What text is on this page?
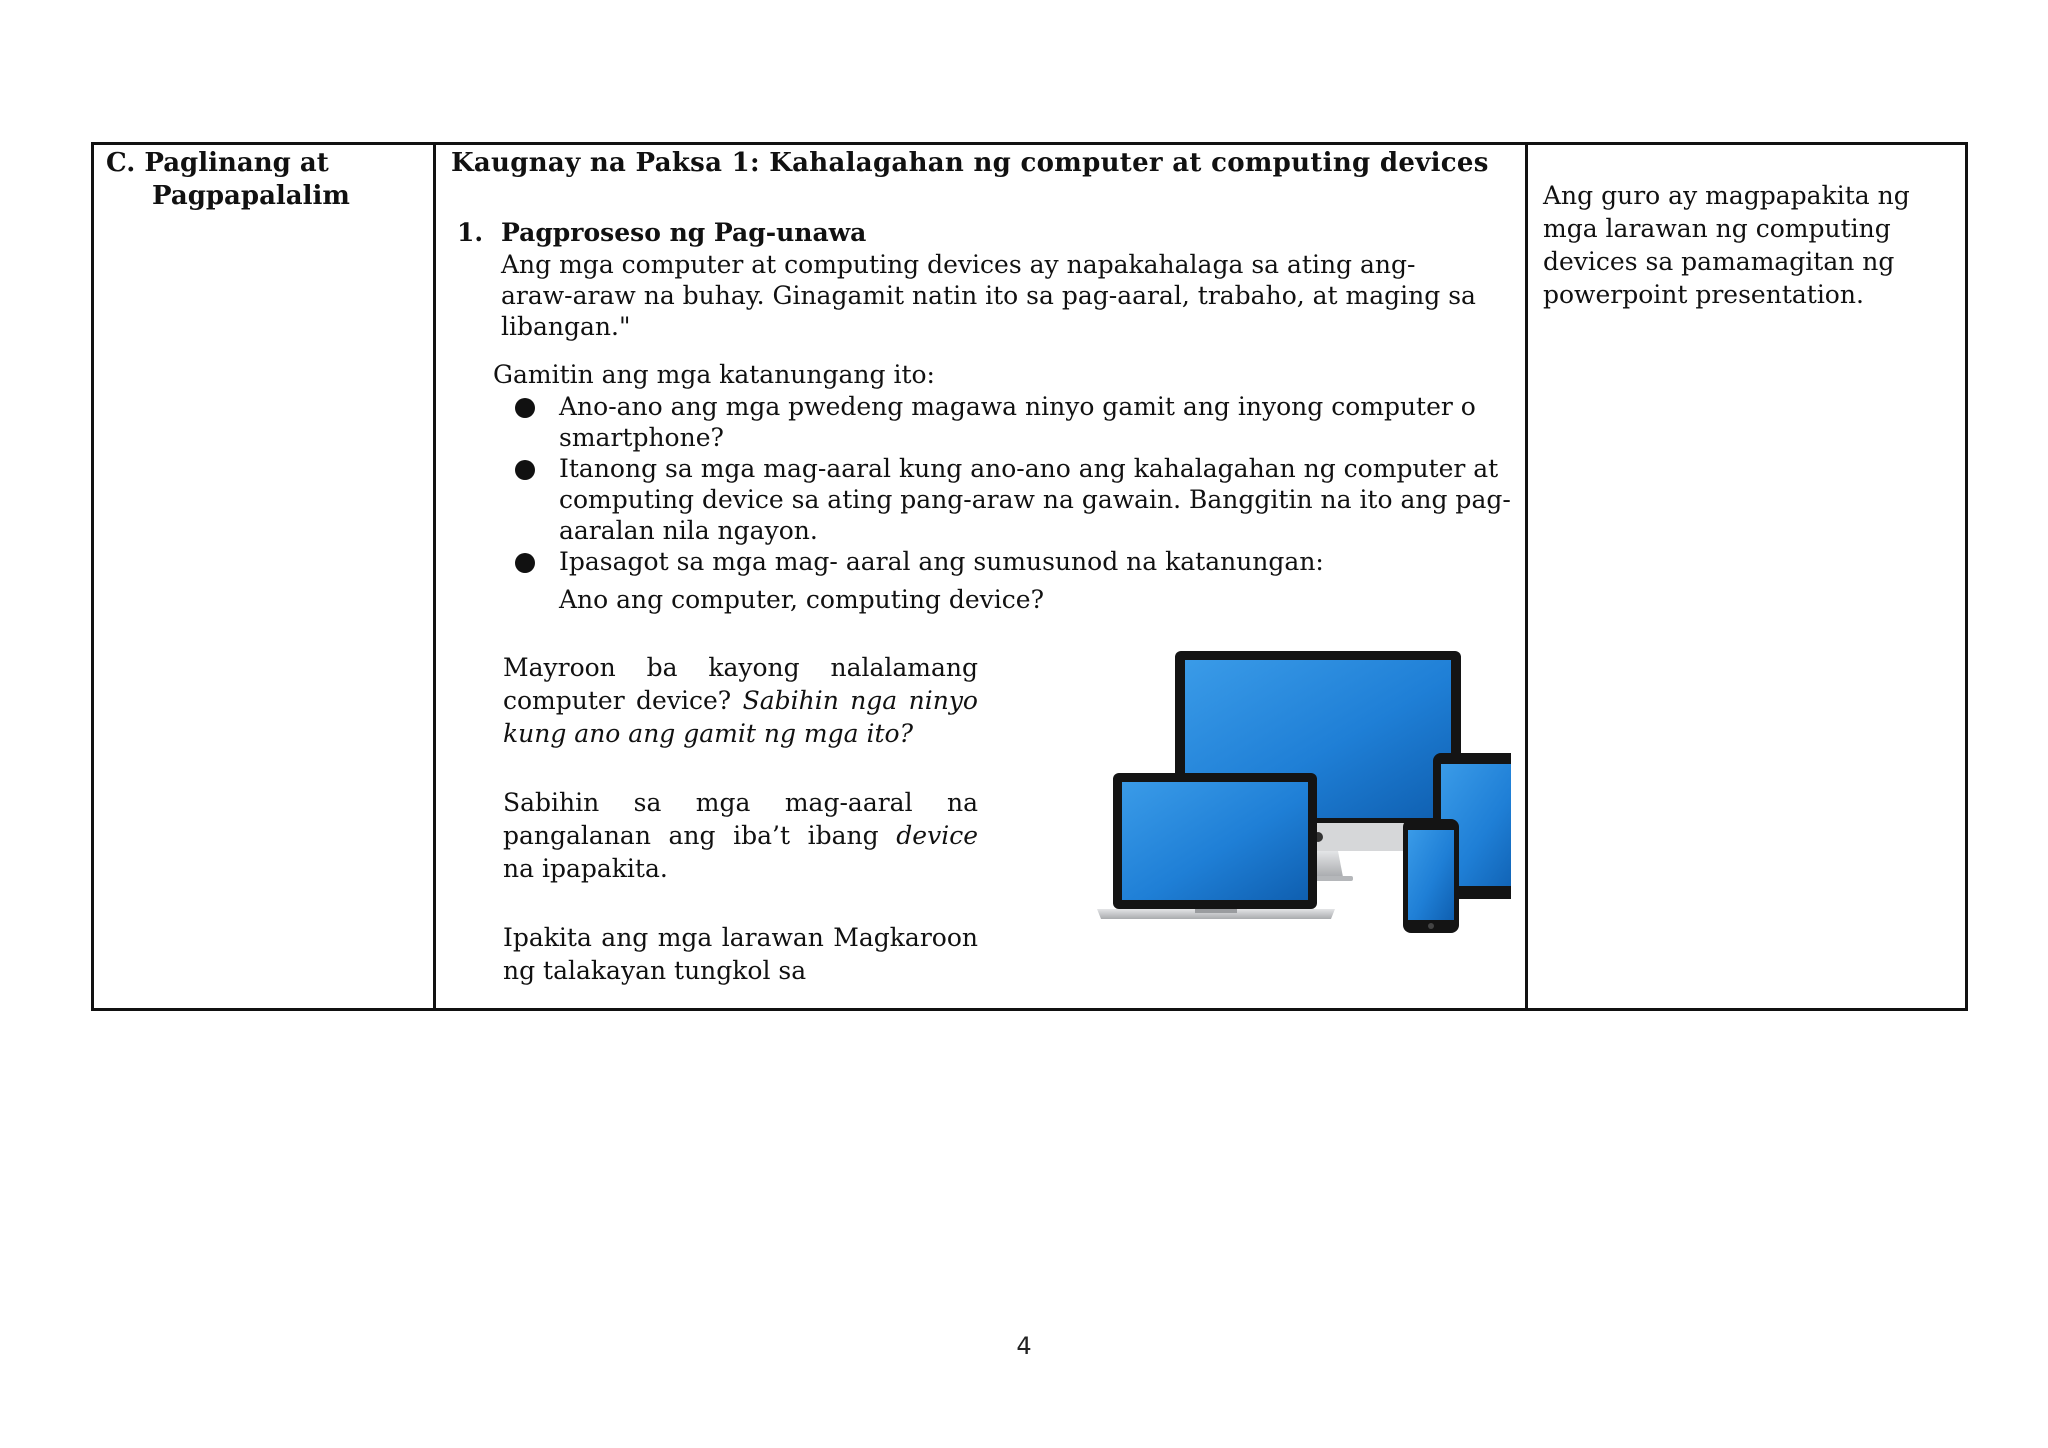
C. Paglinang at
Pagpapalalim
Kaugnay na Paksa 1: Kahalagahan ng computer at computing devices
1. Pagproseso ng Pag-unawa
Ang mga computer at computing devices ay napakahalaga sa ating ang- araw-araw na buhay. Ginagamit natin ito sa pag-aaral, trabaho, at maging sa libangan."
Gamitin ang mga katanungang ito:
Ano-ano ang mga pwedeng magawa ninyo gamit ang inyong computer o smartphone?
Itanong sa mga mag-aaral kung ano-ano ang kahalagahan ng computer at computing device sa ating pang-araw na gawain. Banggitin na ito ang pag-aaralan nila ngayon.
Ipasagot sa mga mag- aaral ang sumusunod na katanungan:
Ano ang computer, computing device?

Mayroon ba kayong nalalamang computer device? Sabihin nga ninyo kung ano ang gamit ng mga ito?

Sabihin sa mga mag-aaral na pangalanan ang iba’t ibang device na ipapakita.

Ipakita ang mga larawan Magkaroon ng talakayan tungkol sa

Ang guro ay magpapakita ng mga larawan ng computing devices sa pamamagitan ng powerpoint presentation.
4
